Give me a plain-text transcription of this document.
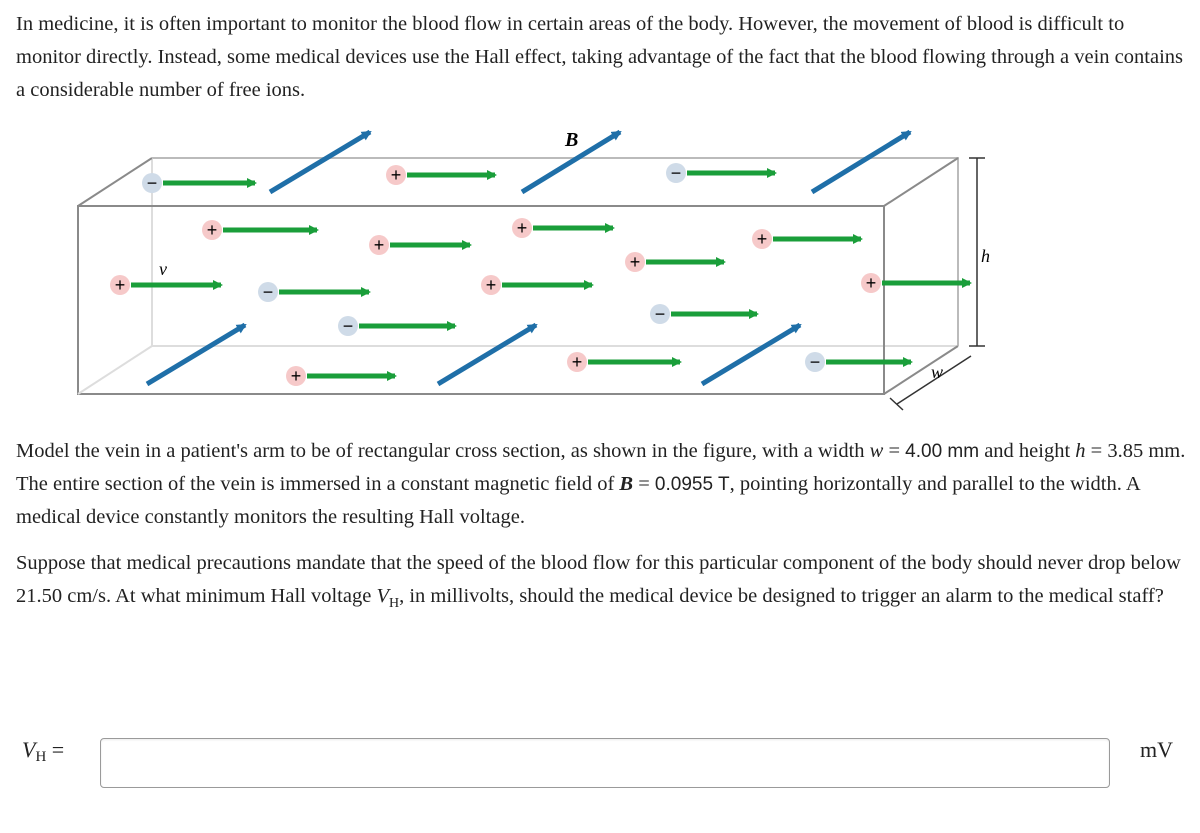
In medicine, it is often important to monitor the blood flow in certain areas of the body. However, the movement of blood is difficult to monitor directly. Instead, some medical devices use the Hall effect, taking advantage of the fact that the blood flowing through a vein contains a considerable number of free ions.

h
w
B
v
−	+	−
+	+
+
+
+
+	−	+	+
−
−
+
+	−

Model the vein in a patient's arm to be of rectangular cross section, as shown in the figure, with a width w = 4.00 mm and height h = 3.85 mm. The entire section of the vein is immersed in a constant magnetic field of B = 0.0955 T, pointing horizontally and parallel to the width. A medical device constantly monitors the resulting Hall voltage.

Suppose that medical precautions mandate that the speed of the blood flow for this particular component of the body should never drop below 21.50 cm/s. At what minimum Hall voltage $V_H$, in millivolts, should the medical device be designed to trigger an alarm to the medical staff?

$V_H$ =	mV
